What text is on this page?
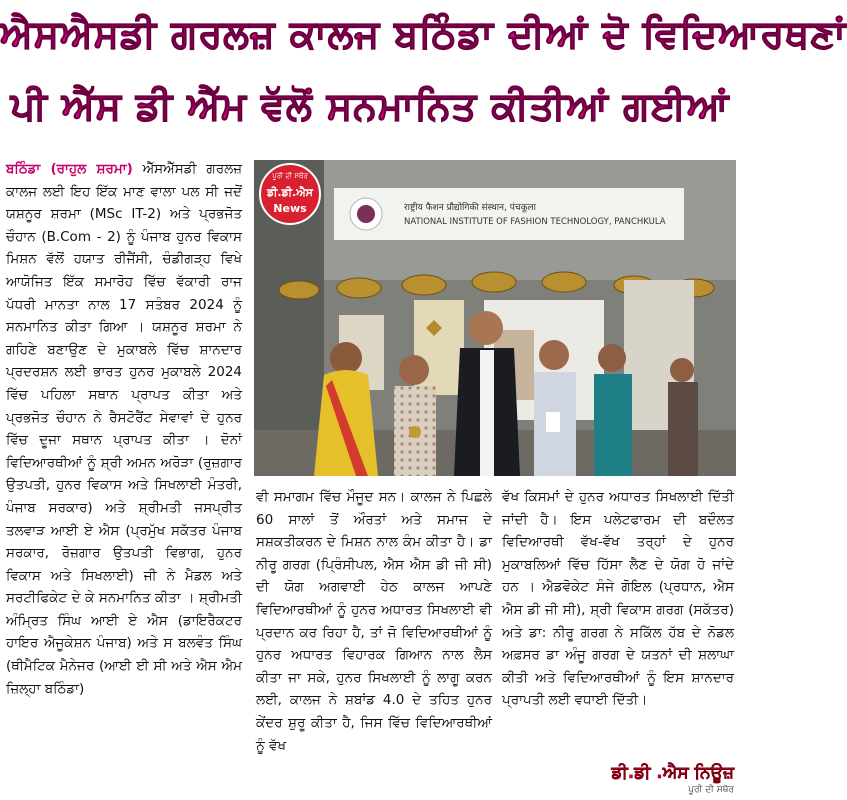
ਐਸਐਸਡੀ ਗਰਲਜ਼ ਕਾਲਜ ਬਠਿੰਡਾ ਦੀਆਂ ਦੋ ਵਿਦਿਆਰਥਣਾਂ
ਪੀ ਐੱਸ ਡੀ ਐੱਮ ਵੱਲੋਂ ਸਨਮਾਨਿਤ ਕੀਤੀਆਂ ਗਈਆਂ
ਬਠਿੰਡਾ (ਰਾਹੁਲ ਸ਼ਰਮਾ) ਐੱਸਐੱਸਡੀ ਗਰਲਜ਼ ਕਾਲਜ ਲਈ ਇਹ ਇੱਕ ਮਾਣ ਵਾਲਾ ਪਲ ਸੀ ਜਦੋਂ ਯਸ਼ਨੂਰ ਸ਼ਰਮਾ (MSc IT-2) ਅਤੇ ਪ੍ਰਭਜੋਤ ਚੌਹਾਨ (B.Com - 2) ਨੂੰ ਪੰਜਾਬ ਹੁਨਰ ਵਿਕਾਸ ਮਿਸ਼ਨ ਵੱਲੋਂ ਹਯਾਤ ਰੀਜੈਂਸੀ, ਚੰਡੀਗੜ੍ਹ ਵਿਖੇ ਆਯੋਜਿਤ ਇੱਕ ਸਮਾਰੋਹ ਵਿੱਚ ਵੱਕਾਰੀ ਰਾਜ ਪੱਧਰੀ ਮਾਨਤਾ ਨਾਲ 17 ਸਤੰਬਰ 2024 ਨੂੰ ਸਨਮਾਨਿਤ ਕੀਤਾ ਗਿਆ । ਯਸ਼ਨੂਰ ਸ਼ਰਮਾ ਨੇ ਗਹਿਣੇ ਬਣਾਉਣ ਦੇ ਮੁਕਾਬਲੇ ਵਿੱਚ ਸ਼ਾਨਦਾਰ ਪ੍ਰਦਰਸ਼ਨ ਲਈ ਭਾਰਤ ਹੁਨਰ ਮੁਕਾਬਲੇ 2024 ਵਿੱਚ ਪਹਿਲਾ ਸਥਾਨ ਪ੍ਰਾਪਤ ਕੀਤਾ ਅਤੇ ਪ੍ਰਭਜੋਤ ਚੌਹਾਨ ਨੇ ਰੈਸਟੋਰੈਂਟ ਸੇਵਾਵਾਂ ਦੇ ਹੁਨਰ ਵਿੱਚ ਦੂਜਾ ਸਥਾਨ ਪ੍ਰਾਪਤ ਕੀਤਾ । ਦੋਨਾਂ ਵਿਦਿਆਰਥੀਆਂ ਨੂੰ ਸ਼੍ਰੀ ਅਮਨ ਅਰੋੜਾ (ਰੁਜ਼ਗਾਰ ਉਤਪਤੀ, ਹੁਨਰ ਵਿਕਾਸ ਅਤੇ ਸਿਖਲਾਈ ਮੰਤਰੀ, ਪੰਜਾਬ ਸਰਕਾਰ) ਅਤੇ ਸ਼੍ਰੀਮਤੀ ਜਸਪ੍ਰੀਤ ਤਲਵਾੜ ਆਈ ਏ ਐਸ (ਪ੍ਰਮੁੱਖ ਸਕੱਤਰ ਪੰਜਾਬ ਸਰਕਾਰ, ਰੋਜ਼ਗਾਰ ਉਤਪਤੀ ਵਿਭਾਗ, ਹੁਨਰ ਵਿਕਾਸ ਅਤੇ ਸਿਖਲਾਈ) ਜੀ ਨੇ ਮੈਡਲ ਅਤੇ ਸਰਟੀਫਿਕੇਟ ਦੇ ਕੇ ਸਨਮਾਨਿਤ ਕੀਤਾ । ਸ਼੍ਰੀਮਤੀ ਅੰਮ੍ਰਿਤ ਸਿੰਘ ਆਈ ਏ ਐਸ (ਡਾਇਰੈਕਟਰ ਹਾਇਰ ਐਜੂਕੇਸ਼ਨ ਪੰਜਾਬ) ਅਤੇ ਸ ਬਲਵੰਤ ਸਿੰਘ (ਥੀਮੈਟਿਕ ਮੈਨੇਜਰ (ਆਈ ਈ ਸੀ ਅਤੇ ਐਸ ਐਮ ਜ਼ਿਲ੍ਹਾ ਬਠਿੰਡਾ)
राष्ट्रीय फैशन प्रौद्योगिकी संस्थान, पंचकूला
NATIONAL INSTITUTE OF FASHION TECHNOLOGY, PANCHKULA
ਪੂਰੀ ਦੀ ਸਥੋਰ
ਡੀ.ਡੀ.ਐਸ
News
ਵੀ ਸਮਾਗਮ ਵਿੱਚ ਮੌਜੂਦ ਸਨ। ਕਾਲਜ ਨੇ ਪਿਛਲੇ 60 ਸਾਲਾਂ ਤੋਂ ਔਰਤਾਂ ਅਤੇ ਸਮਾਜ ਦੇ ਸਸ਼ਕਤੀਕਰਨ ਦੇ ਮਿਸ਼ਨ ਨਾਲ ਕੰਮ ਕੀਤਾ ਹੈ। ਡਾ ਨੀਰੂ ਗਰਗ (ਪ੍ਰਿੰਸੀਪਲ, ਐਸ ਐਸ ਡੀ ਜੀ ਸੀ) ਦੀ ਯੋਗ ਅਗਵਾਈ ਹੇਠ ਕਾਲਜ ਆਪਣੇ ਵਿਦਿਆਰਥੀਆਂ ਨੂੰ ਹੁਨਰ ਅਧਾਰਤ ਸਿਖਲਾਈ ਵੀ ਪ੍ਰਦਾਨ ਕਰ ਰਿਹਾ ਹੈ, ਤਾਂ ਜੋ ਵਿਦਿਆਰਥੀਆਂ ਨੂੰ ਹੁਨਰ ਅਧਾਰਤ ਵਿਹਾਰਕ ਗਿਆਨ ਨਾਲ ਲੈਸ ਕੀਤਾ ਜਾ ਸਕੇ, ਹੁਨਰ ਸਿਖਲਾਈ ਨੂੰ ਲਾਗੂ ਕਰਨ ਲਈ, ਕਾਲਜ ਨੇ ਸ਼ਬਾਂਡ 4.0 ਦੇ ਤਹਿਤ ਹੁਨਰ ਕੇਂਦਰ ਸ਼ੁਰੂ ਕੀਤਾ ਹੈ, ਜਿਸ ਵਿੱਚ ਵਿਦਿਆਰਥੀਆਂ ਨੂੰ ਵੱਖ
ਵੱਖ ਕਿਸਮਾਂ ਦੇ ਹੁਨਰ ਅਧਾਰਤ ਸਿਖਲਾਈ ਦਿੱਤੀ ਜਾਂਦੀ ਹੈ। ਇਸ ਪਲੇਟਫਾਰਮ ਦੀ ਬਦੌਲਤ ਵਿਦਿਆਰਥੀ ਵੱਖ-ਵੱਖ ਤਰ੍ਹਾਂ ਦੇ ਹੁਨਰ ਮੁਕਾਬਲਿਆਂ ਵਿੱਚ ਹਿੱਸਾ ਲੈਣ ਦੇ ਯੋਗ ਹੋ ਜਾਂਦੇ ਹਨ । ਐਡਵੋਕੇਟ ਸੰਜੇ ਗੋਇਲ (ਪ੍ਰਧਾਨ, ਐਸ ਐਸ ਡੀ ਜੀ ਸੀ), ਸ਼੍ਰੀ ਵਿਕਾਸ ਗਰਗ (ਸਕੱਤਰ) ਅਤੇ ਡਾ: ਨੀਰੂ ਗਰਗ ਨੇ ਸਕਿੱਲ ਹੱਬ ਦੇ ਨੋਡਲ ਅਫ਼ਸਰ ਡਾ ਅੰਜੂ ਗਰਗ ਦੇ ਯਤਨਾਂ ਦੀ ਸ਼ਲਾਘਾ ਕੀਤੀ ਅਤੇ ਵਿਦਿਆਰਥੀਆਂ ਨੂੰ ਇਸ ਸ਼ਾਨਦਾਰ ਪ੍ਰਾਪਤੀ ਲਈ ਵਧਾਈ ਦਿੱਤੀ।
ਡੀ.ਡੀ .ਐਸ ਨਿਊਜ਼
ਪੂਰੀ ਦੀ ਸਥੋਰ
